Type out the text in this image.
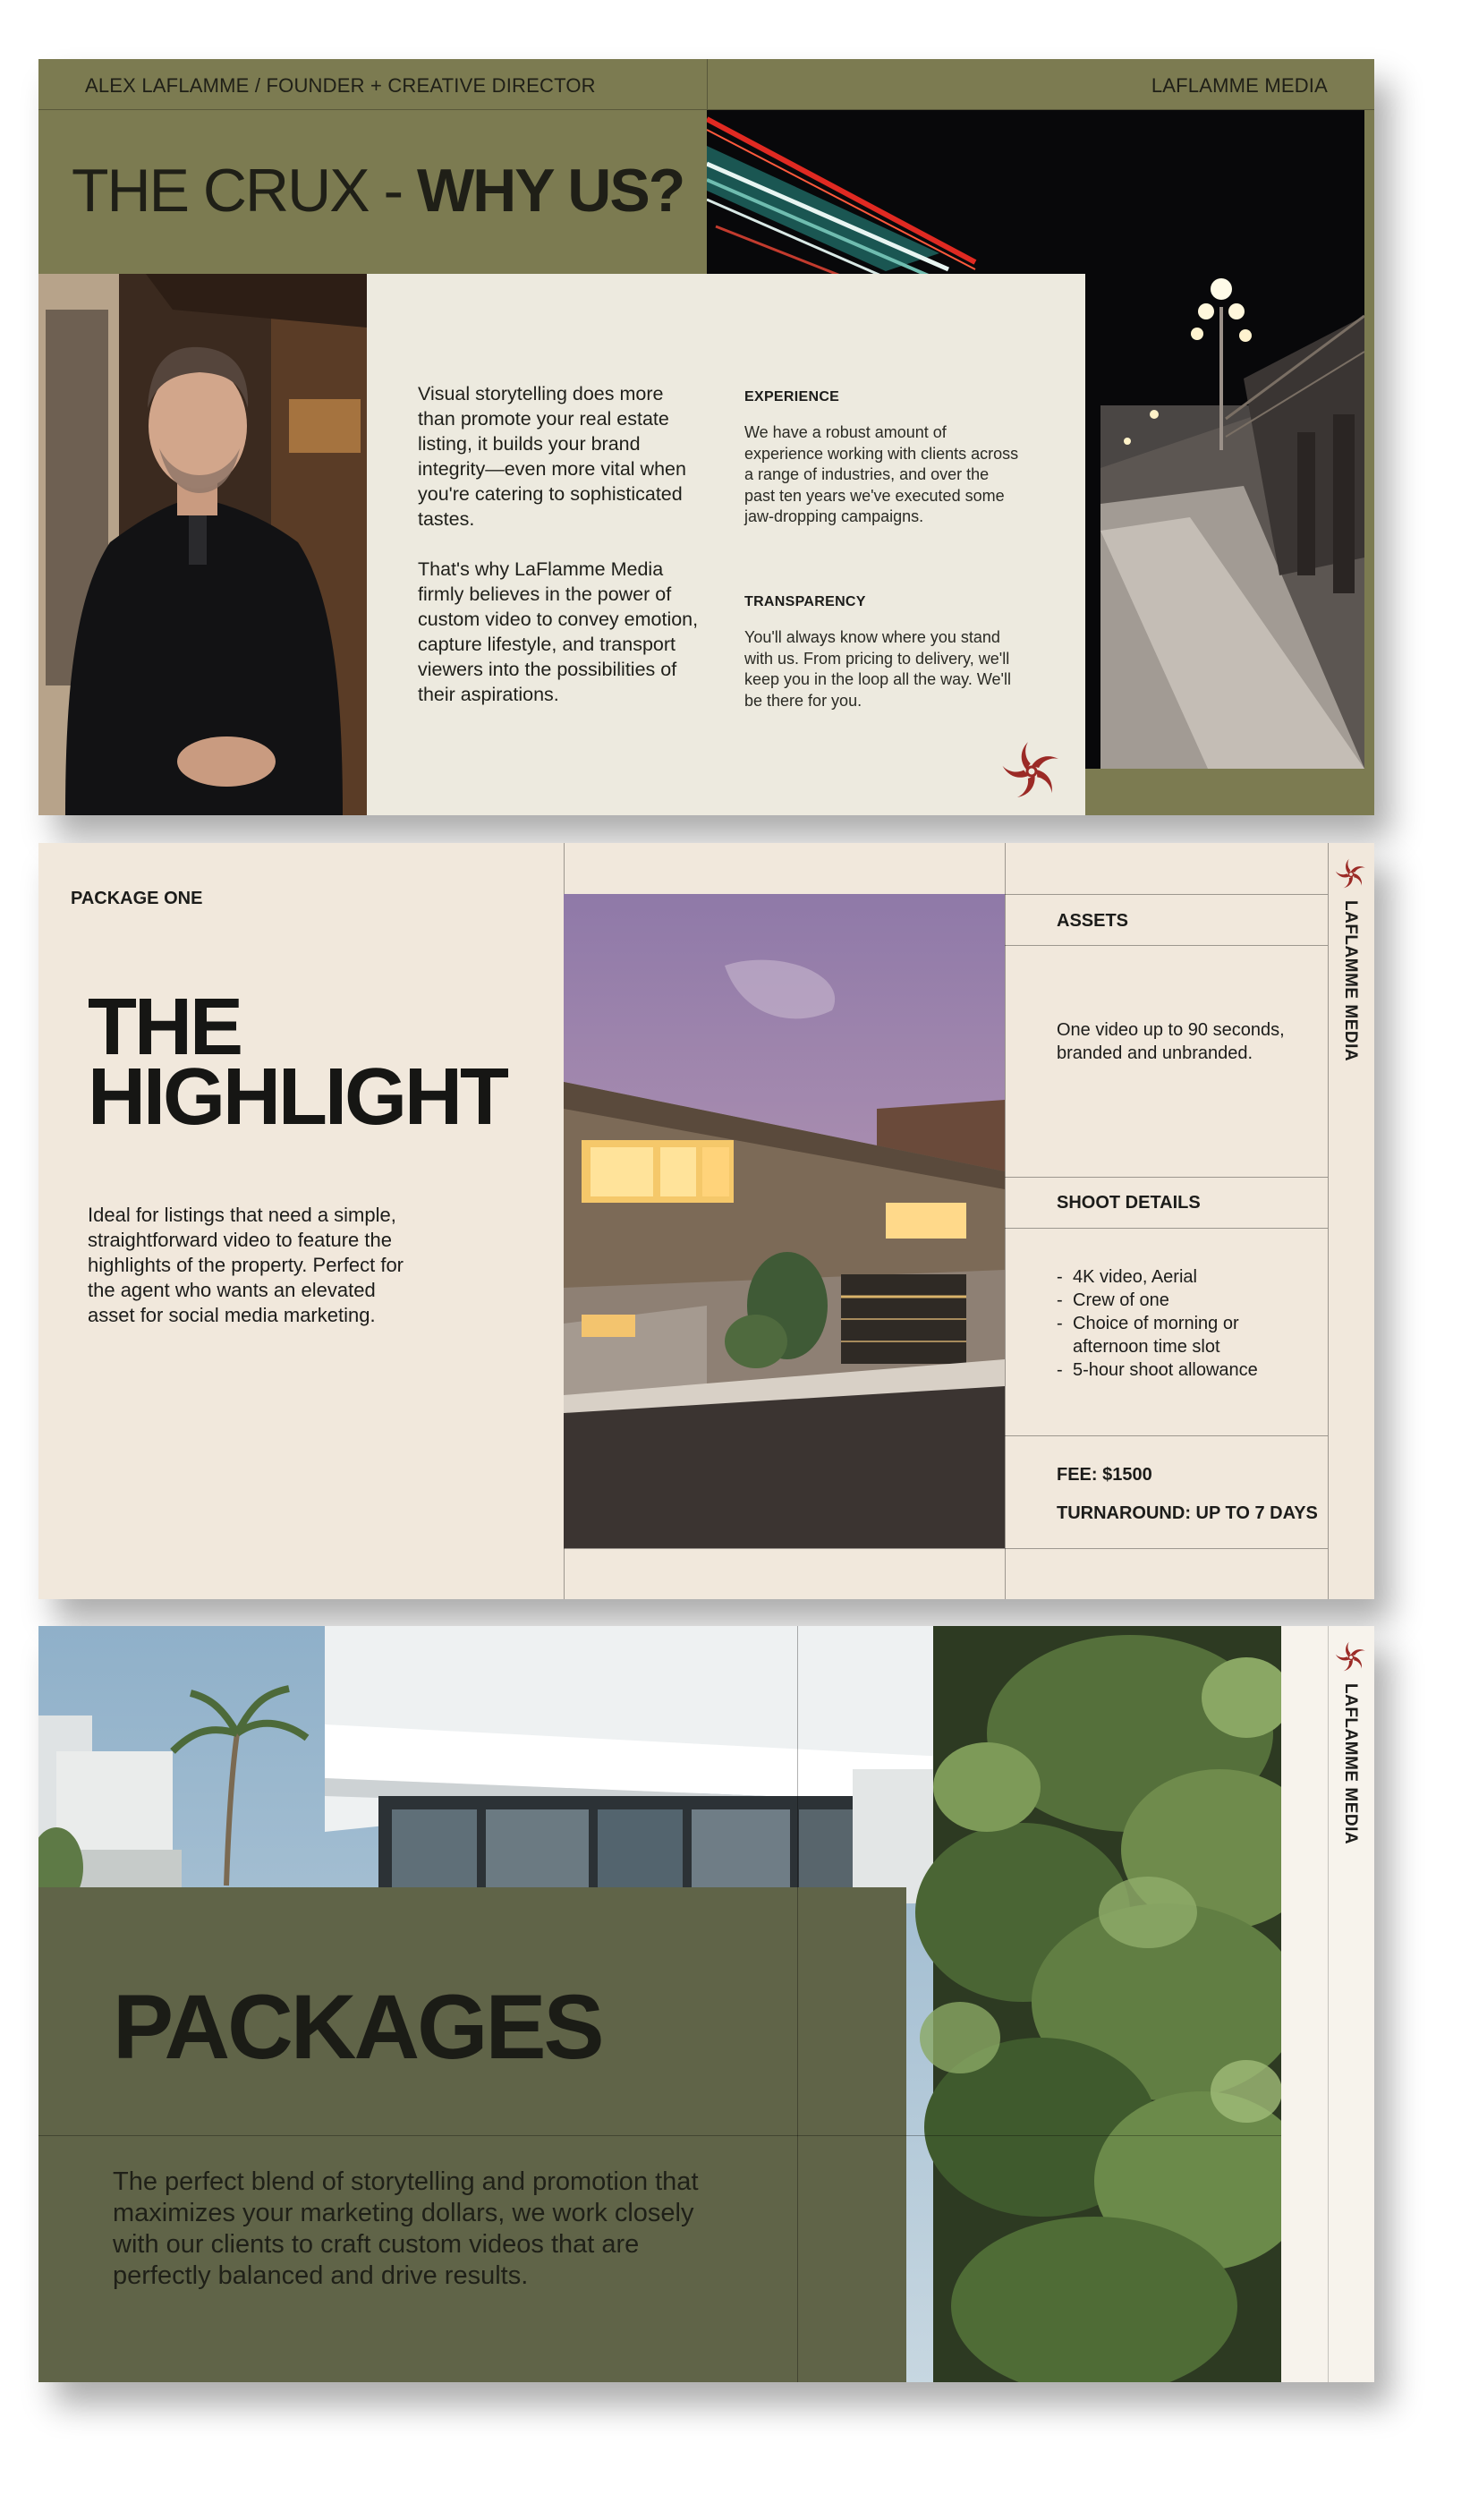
ALEX LAFLAMME / FOUNDER + CREATIVE DIRECTOR	LAFLAMME MEDIA
THE CRUX - WHY US?
Visual storytelling does more than promote your real estate listing, it builds your brand integrity—even more vital when you're catering to sophisticated tastes.
That's why LaFlamme Media firmly believes in the power of custom video to convey emotion, capture lifestyle, and transport viewers into the possibilities of their aspirations.
EXPERIENCE
We have a robust amount of experience working with clients across a range of industries, and over the past ten years we've executed some jaw-dropping campaigns.
TRANSPARENCY
You'll always know where you stand with us. From pricing to delivery, we'll keep you in the loop all the way. We'll be there for you.
PACKAGE ONE
THE
HIGHLIGHT
Ideal for listings that need a simple, straightforward video to feature the highlights of the property. Perfect for the agent who wants an elevated asset for social media marketing.
ASSETS
One video up to 90 seconds, branded and unbranded.
SHOOT DETAILS
- 4K video, Aerial
- Crew of one
- Choice of morning or afternoon time slot
- 5-hour shoot allowance
FEE: $1500
TURNAROUND: UP TO 7 DAYS
LAFLAMME MEDIA
PACKAGES
The perfect blend of storytelling and promotion that maximizes your marketing dollars, we work closely with our clients to craft custom videos that are perfectly balanced and drive results.
LAFLAMME MEDIA
